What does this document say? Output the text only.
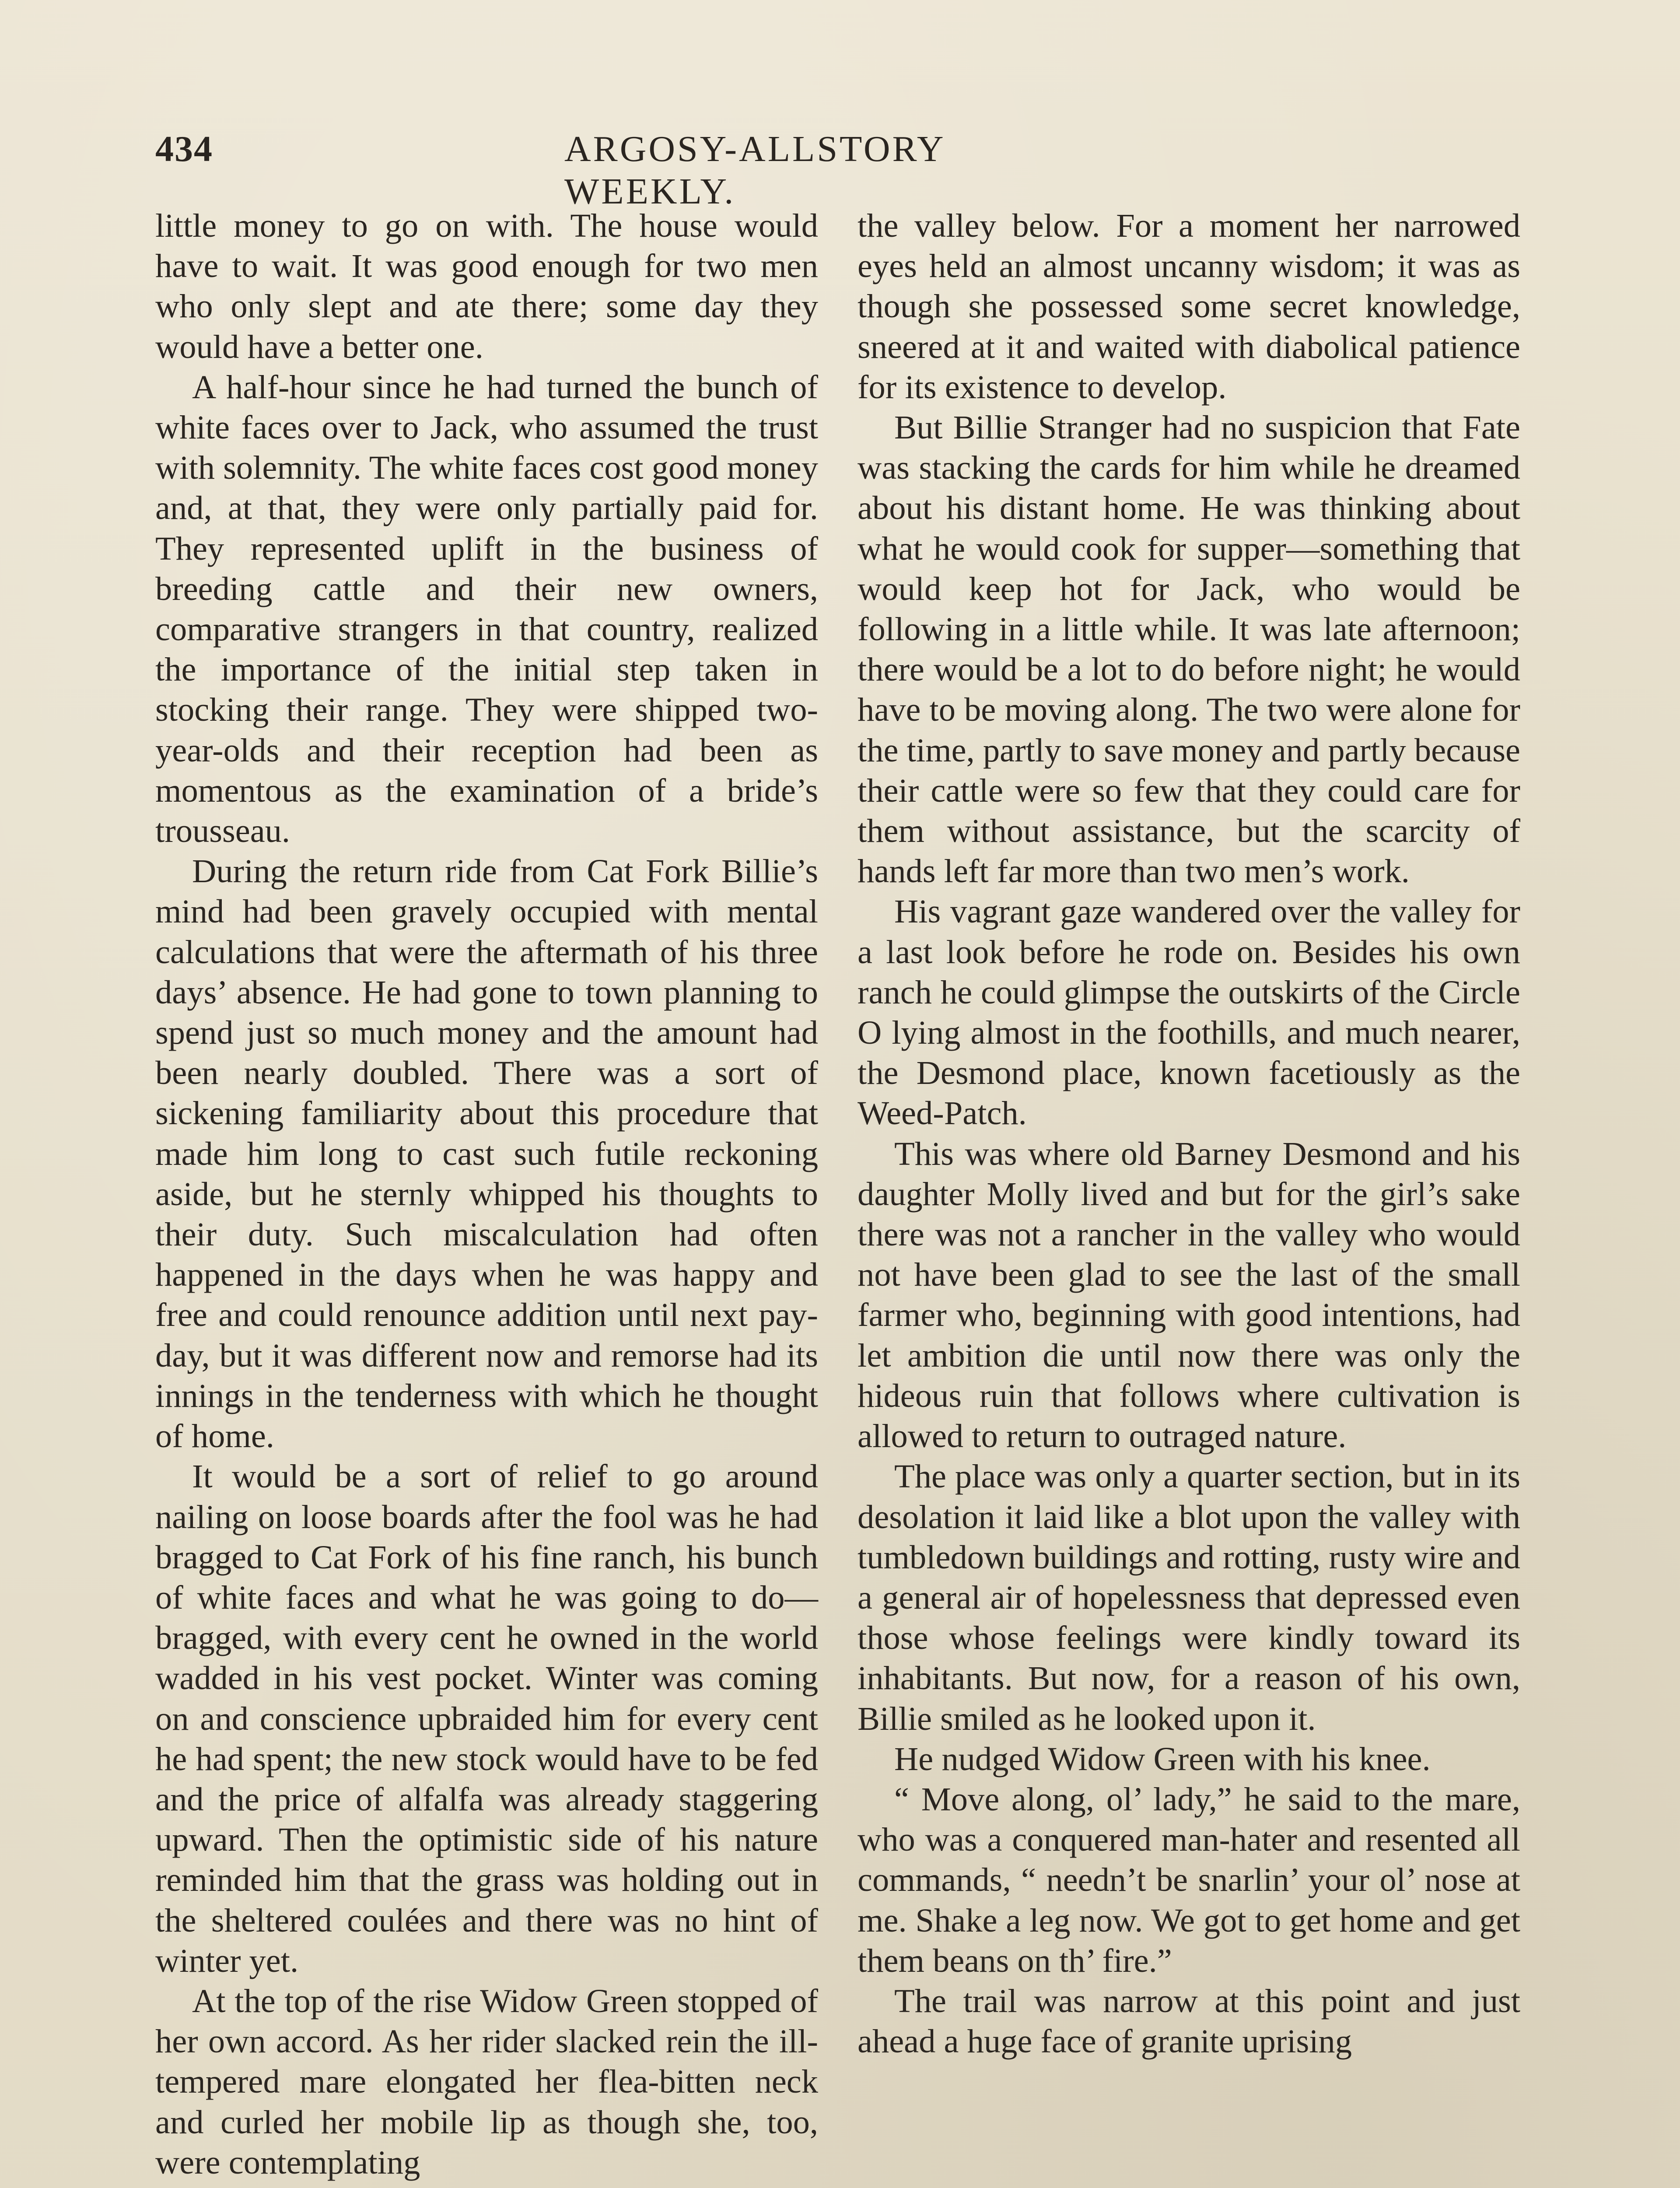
434	ARGOSY-ALLSTORY WEEKLY.

little money to go on with. The house would have to wait. It was good enough for two men who only slept and ate there; some day they would have a better one.

A half-hour since he had turned the bunch of white faces over to Jack, who assumed the trust with solemnity. The white faces cost good money and, at that, they were only partially paid for. They represented uplift in the business of breeding cattle and their new owners, comparative strangers in that country, realized the importance of the initial step taken in stocking their range. They were shipped two-year-olds and their reception had been as momentous as the examination of a bride’s trousseau.

During the return ride from Cat Fork Billie’s mind had been gravely occupied with mental calculations that were the aftermath of his three days’ absence. He had gone to town planning to spend just so much money and the amount had been nearly doubled. There was a sort of sickening familiarity about this procedure that made him long to cast such futile reckoning aside, but he sternly whipped his thoughts to their duty. Such miscalculation had often happened in the days when he was happy and free and could renounce addition until next pay-day, but it was different now and remorse had its innings in the tenderness with which he thought of home.

It would be a sort of relief to go around nailing on loose boards after the fool was he had bragged to Cat Fork of his fine ranch, his bunch of white faces and what he was going to do—bragged, with every cent he owned in the world wadded in his vest pocket. Winter was coming on and conscience upbraided him for every cent he had spent; the new stock would have to be fed and the price of alfalfa was already staggering upward. Then the optimistic side of his nature reminded him that the grass was holding out in the sheltered coulées and there was no hint of winter yet.

At the top of the rise Widow Green stopped of her own accord. As her rider slacked rein the ill-tempered mare elongated her flea-bitten neck and curled her mobile lip as though she, too, were contemplating

the valley below. For a moment her narrowed eyes held an almost uncanny wisdom; it was as though she possessed some secret knowledge, sneered at it and waited with diabolical patience for its existence to develop.

But Billie Stranger had no suspicion that Fate was stacking the cards for him while he dreamed about his distant home. He was thinking about what he would cook for supper—something that would keep hot for Jack, who would be following in a little while. It was late afternoon; there would be a lot to do before night; he would have to be moving along. The two were alone for the time, partly to save money and partly because their cattle were so few that they could care for them without assistance, but the scarcity of hands left far more than two men’s work.

His vagrant gaze wandered over the valley for a last look before he rode on. Besides his own ranch he could glimpse the outskirts of the Circle O lying almost in the foothills, and much nearer, the Desmond place, known facetiously as the Weed-Patch.

This was where old Barney Desmond and his daughter Molly lived and but for the girl’s sake there was not a rancher in the valley who would not have been glad to see the last of the small farmer who, beginning with good intentions, had let ambition die until now there was only the hideous ruin that follows where cultivation is allowed to return to outraged nature.

The place was only a quarter section, but in its desolation it laid like a blot upon the valley with tumbledown buildings and rotting, rusty wire and a general air of hopelessness that depressed even those whose feelings were kindly toward its inhabitants. But now, for a reason of his own, Billie smiled as he looked upon it.

He nudged Widow Green with his knee.

“ Move along, ol’ lady,” he said to the mare, who was a conquered man-hater and resented all commands, “ needn’t be snarlin’ your ol’ nose at me. Shake a leg now. We got to get home and get them beans on th’ fire.”

The trail was narrow at this point and just ahead a huge face of granite uprising
